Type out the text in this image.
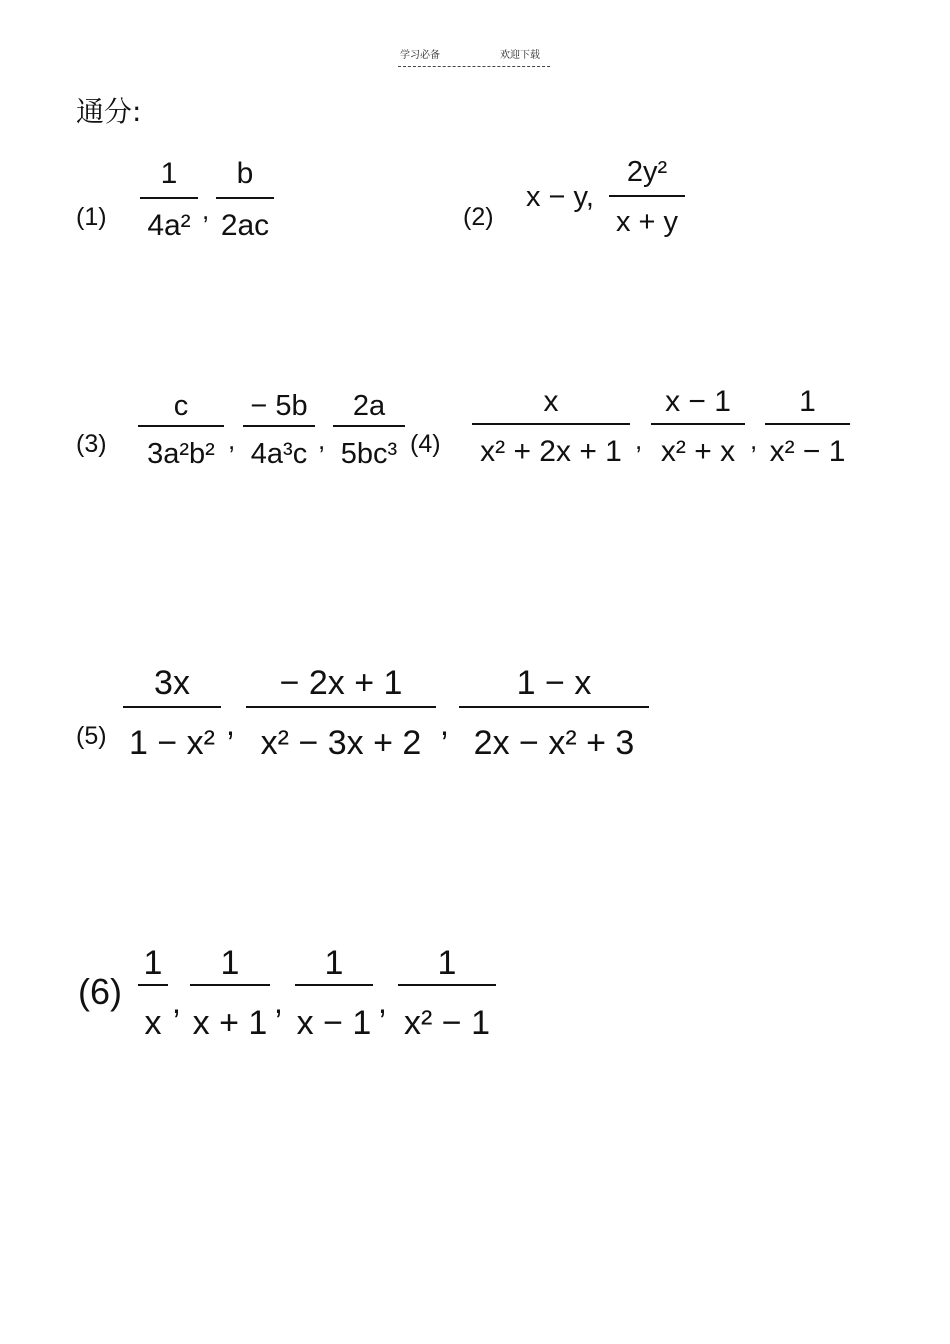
学习必备	欢迎下载
通分:
(1)
1
4a² ,
b
2ac	(2)
x − y,
2y²
x + y
(3)
c
3a²b² ,
− 5b
4a³c ,
2a
5bc³ (4)
x
x² + 2x + 1 ,
x − 1
x² + x ,
1
x² − 1
(5)
3x
1 − x² ,
− 2x + 1
x² − 3x + 2 ,
1 − x
2x − x² + 3
(6)
1
x
,
1
x + 1
,
1
x − 1
,
1
x² − 1
